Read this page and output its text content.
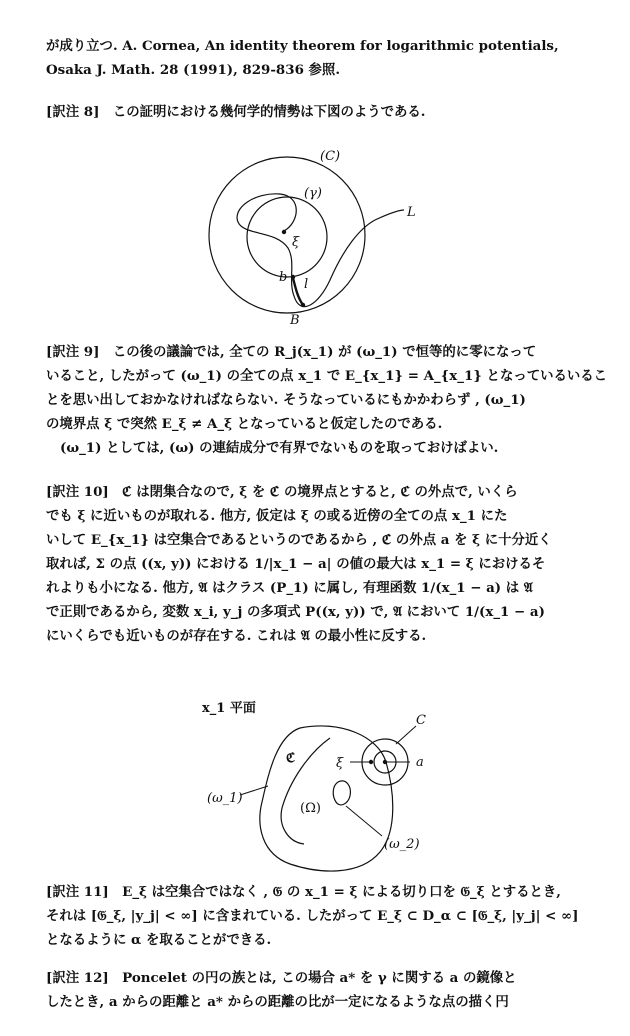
が成り立つ. A. Cornea, An identity theorem for logarithmic potentials,
Osaka J. Math. 28 (1991), 829-836 参照.
[訳注 8]　この証明における幾何学的情勢は下図のようである.
(C)
(γ)
L
ξ
b l
B
[訳注 9]　この後の議論では, 全ての R_j(x_1) が (ω_1) で恒等的に零になって
いること, したがって (ω_1) の全ての点 x_1 で E_{x_1} = A_{x_1} となっているいるこ
とを思い出しておかなければならない. そうなっているにもかかわらず , (ω_1)
の境界点 ξ で突然 E_ξ ≠ A_ξ となっていると仮定したのである.
(ω_1) としては, (ω) の連結成分で有界でないものを取っておけばよい.
[訳注 10]　ℭ は閉集合なので, ξ を ℭ の境界点とすると, ℭ の外点で, いくら
でも ξ に近いものが取れる. 他方, 仮定は ξ の或る近傍の全ての点 x_1 にた
いして E_{x_1} は空集合であるというのであるから , ℭ の外点 a を ξ に十分近く
取れば, Σ の点 ((x, y)) における 1/|x_1 − a| の値の最大は x_1 = ξ におけるそ
れよりも小になる. 他方, 𝔄 はクラス (P_1) に属し, 有理函数 1/(x_1 − a) は 𝔄
で正則であるから, 変数 x_i, y_j の多項式 P((x, y)) で, 𝔄 において 1/(x_1 − a)
にいくらでも近いものが存在する. これは 𝔄 の最小性に反する.
x_1 平面
C
ℭ	ξ	a
(ω_1)
(Ω)
(ω_2)
[訳注 11]　E_ξ は空集合ではなく , 𝔊 の x_1 = ξ による切り口を 𝔊_ξ とするとき,
それは [𝔊_ξ, |y_j| < ∞] に含まれている. したがって E_ξ ⊂ D_α ⊂ [𝔊_ξ, |y_j| < ∞]
となるように α を取ることができる.
[訳注 12]　Poncelet の円の族とは, この場合 a* を γ に関する a の鏡像と
したとき, a からの距離と a* からの距離の比が一定になるような点の描く円
